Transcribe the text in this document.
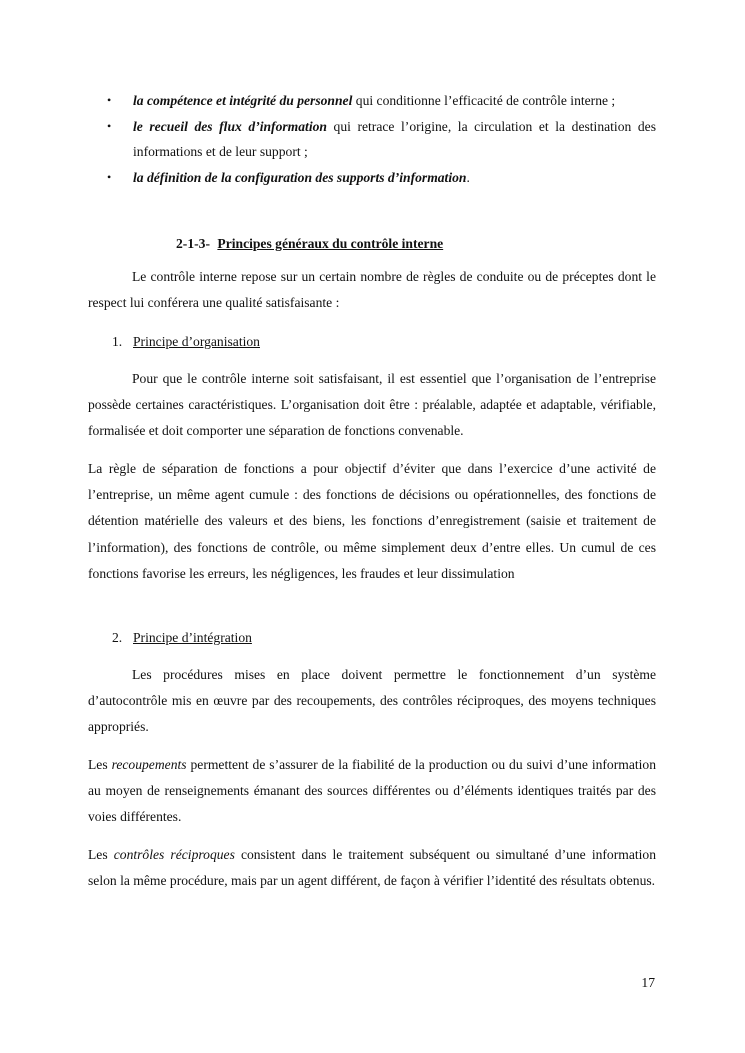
• la compétence et intégrité du personnel qui conditionne l’efficacité de contrôle interne ;
• le recueil des flux d’information qui retrace l’origine, la circulation et la destination des informations et de leur support ;
• la définition de la configuration des supports d’information.
2-1-3- Principes généraux du contrôle interne

Le contrôle interne repose sur un certain nombre de règles de conduite ou de préceptes dont le respect lui conférera une qualité satisfaisante :

1. Principe d’organisation

Pour que le contrôle interne soit satisfaisant, il est essentiel que l’organisation de l’entreprise possède certaines caractéristiques. L’organisation doit être : préalable, adaptée et adaptable, vérifiable, formalisée et doit comporter une séparation de fonctions convenable.

La règle de séparation de fonctions a pour objectif d’éviter que dans l’exercice d’une activité de l’entreprise, un même agent cumule : des fonctions de décisions ou opérationnelles, des fonctions de détention matérielle des valeurs et des biens, les fonctions d’enregistrement (saisie et traitement de l’information), des fonctions de contrôle, ou même simplement deux d’entre elles. Un cumul de ces fonctions favorise les erreurs, les négligences, les fraudes et leur dissimulation

2. Principe d’intégration

Les procédures mises en place doivent permettre le fonctionnement d’un système d’autocontrôle mis en œuvre par des recoupements, des contrôles réciproques, des moyens techniques appropriés.

Les recoupements permettent de s’assurer de la fiabilité de la production ou du suivi d’une information au moyen de renseignements émanant des sources différentes ou d’éléments identiques traités par des voies différentes.

Les contrôles réciproques consistent dans le traitement subséquent ou simultané d’une information selon la même procédure, mais par un agent différent, de façon à vérifier l’identité des résultats obtenus.

17
